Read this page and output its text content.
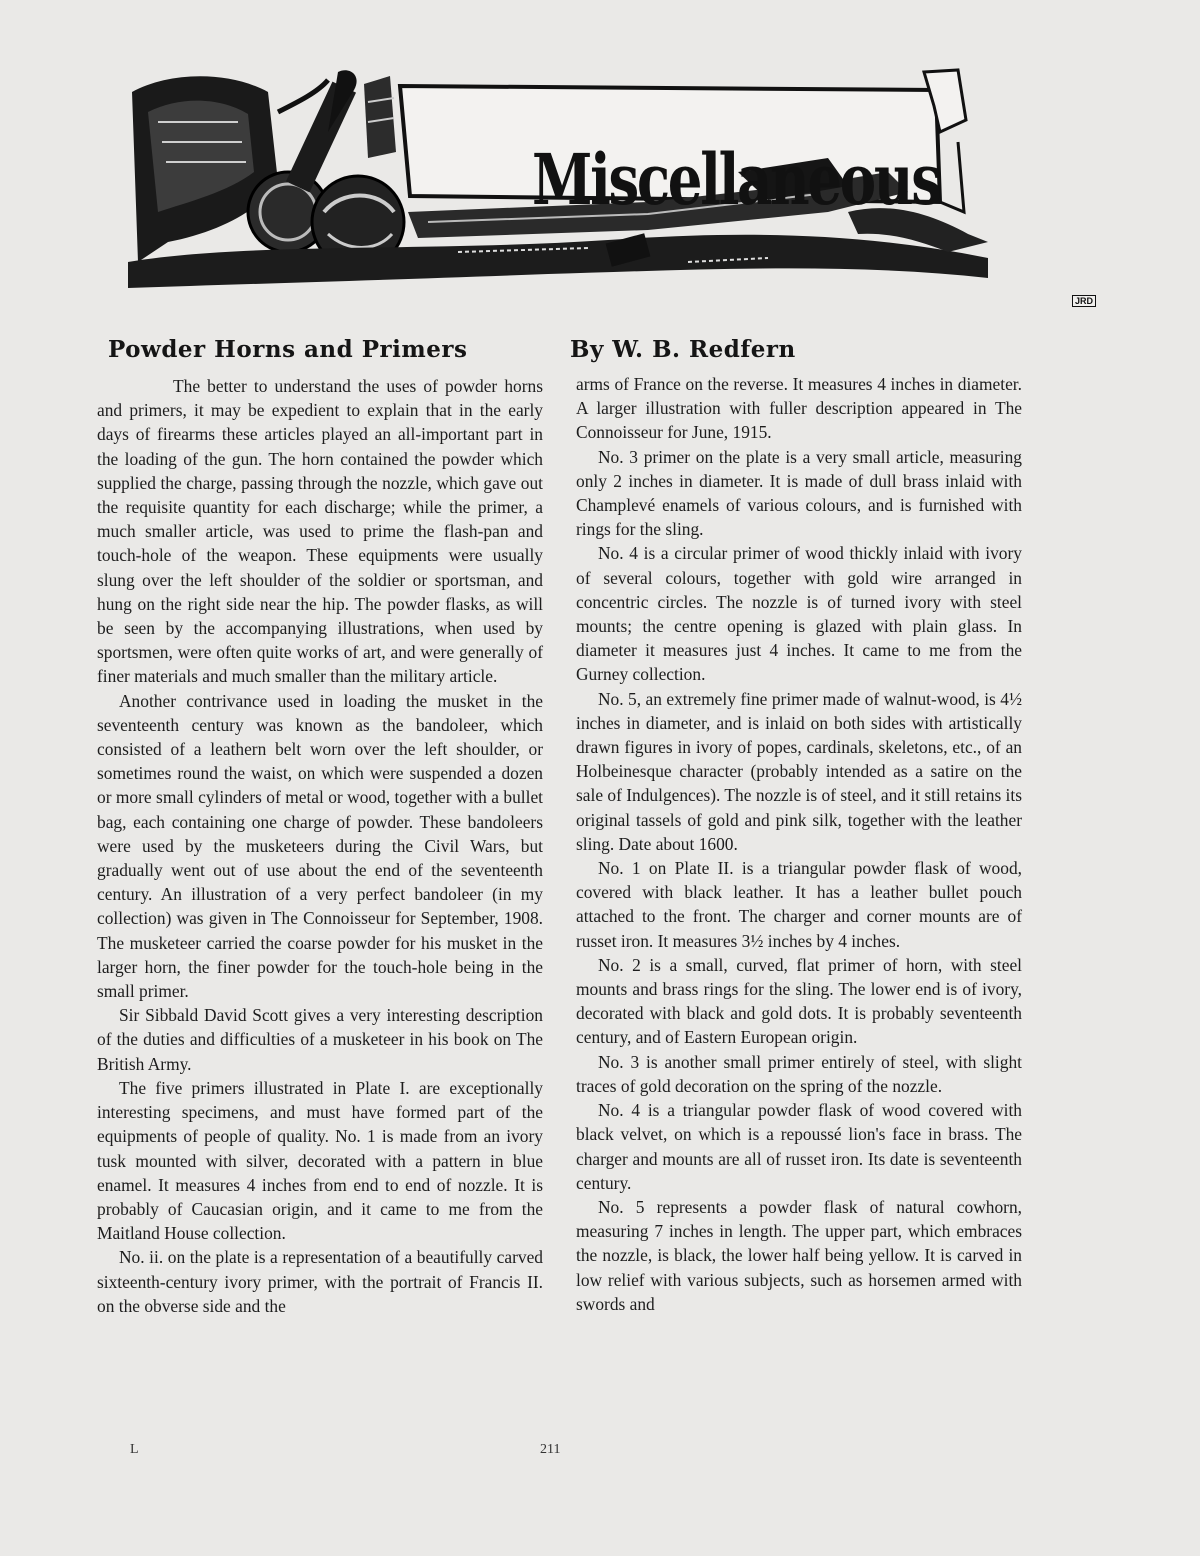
Miscellaneous
JRD
Powder Horns and Primers	By W. B. Redfern

The better to understand the uses of powder horns and primers, it may be expedient to explain that in the early days of firearms these articles played an all-important part in the loading of the gun. The horn contained the powder which supplied the charge, passing through the nozzle, which gave out the requisite quantity for each discharge; while the primer, a much smaller article, was used to prime the flash-pan and touch-hole of the weapon. These equipments were usually slung over the left shoulder of the soldier or sportsman, and hung on the right side near the hip. The powder flasks, as will be seen by the accompanying illustrations, when used by sportsmen, were often quite works of art, and were generally of finer materials and much smaller than the military article.

Another contrivance used in loading the musket in the seventeenth century was known as the bandoleer, which consisted of a leathern belt worn over the left shoulder, or sometimes round the waist, on which were suspended a dozen or more small cylinders of metal or wood, together with a bullet bag, each containing one charge of powder. These bandoleers were used by the musketeers during the Civil Wars, but gradually went out of use about the end of the seventeenth century. An illustration of a very perfect bandoleer (in my collection) was given in The Connoisseur for September, 1908. The musketeer carried the coarse powder for his musket in the larger horn, the finer powder for the touch-hole being in the small primer.

Sir Sibbald David Scott gives a very interesting description of the duties and difficulties of a musketeer in his book on The British Army.

The five primers illustrated in Plate I. are exceptionally interesting specimens, and must have formed part of the equipments of people of quality. No. 1 is made from an ivory tusk mounted with silver, decorated with a pattern in blue enamel. It measures 4 inches from end to end of nozzle. It is probably of Caucasian origin, and it came to me from the Maitland House collection.

No. ii. on the plate is a representation of a beautifully carved sixteenth-century ivory primer, with the portrait of Francis II. on the obverse side and the

arms of France on the reverse. It measures 4 inches in diameter. A larger illustration with fuller description appeared in The Connoisseur for June, 1915.

No. 3 primer on the plate is a very small article, measuring only 2 inches in diameter. It is made of dull brass inlaid with Champlevé enamels of various colours, and is furnished with rings for the sling.

No. 4 is a circular primer of wood thickly inlaid with ivory of several colours, together with gold wire arranged in concentric circles. The nozzle is of turned ivory with steel mounts; the centre opening is glazed with plain glass. In diameter it measures just 4 inches. It came to me from the Gurney collection.

No. 5, an extremely fine primer made of walnut-wood, is 4½ inches in diameter, and is inlaid on both sides with artistically drawn figures in ivory of popes, cardinals, skeletons, etc., of an Holbeinesque character (probably intended as a satire on the sale of Indulgences). The nozzle is of steel, and it still retains its original tassels of gold and pink silk, together with the leather sling. Date about 1600.

No. 1 on Plate II. is a triangular powder flask of wood, covered with black leather. It has a leather bullet pouch attached to the front. The charger and corner mounts are of russet iron. It measures 3½ inches by 4 inches.

No. 2 is a small, curved, flat primer of horn, with steel mounts and brass rings for the sling. The lower end is of ivory, decorated with black and gold dots. It is probably seventeenth century, and of Eastern European origin.

No. 3 is another small primer entirely of steel, with slight traces of gold decoration on the spring of the nozzle.

No. 4 is a triangular powder flask of wood covered with black velvet, on which is a repoussé lion's face in brass. The charger and mounts are all of russet iron. Its date is seventeenth century.

No. 5 represents a powder flask of natural cowhorn, measuring 7 inches in length. The upper part, which embraces the nozzle, is black, the lower half being yellow. It is carved in low relief with various subjects, such as horsemen armed with swords and

L	211
